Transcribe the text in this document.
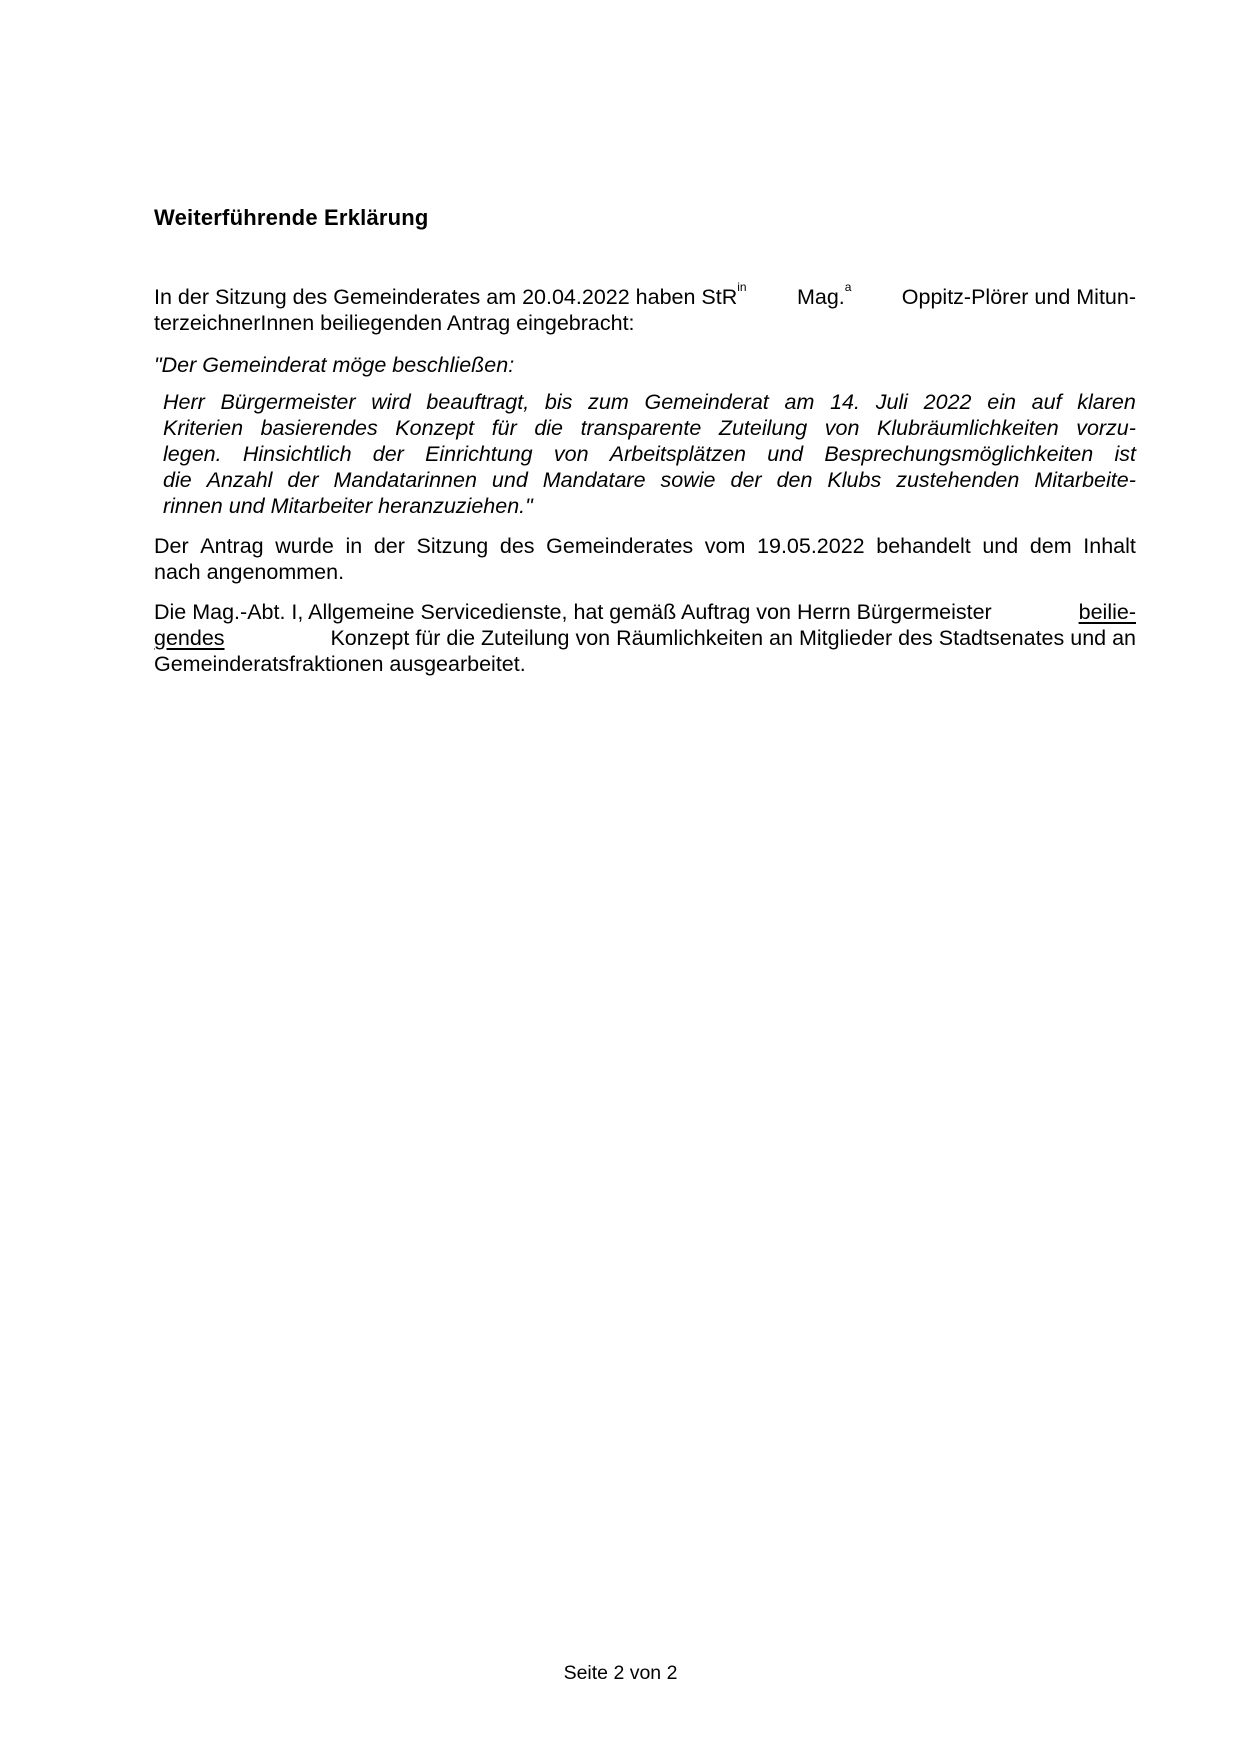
Weiterführende Erklärung
In der Sitzung des Gemeinderates am 20.04.2022 haben StR$^{in}$ Mag.$^a$ Oppitz-Plörer und Mitun-
terzeichnerInnen beiliegenden Antrag eingebracht:
"Der Gemeinderat möge beschließen:
Herr Bürgermeister wird beauftragt, bis zum Gemeinderat am 14. Juli 2022 ein auf klaren
Kriterien basierendes Konzept für die transparente Zuteilung von Klubräumlichkeiten vorzu-
legen. Hinsichtlich der Einrichtung von Arbeitsplätzen und Besprechungsmöglichkeiten ist
die Anzahl der Mandatarinnen und Mandatare sowie der den Klubs zustehenden Mitarbeite-
rinnen und Mitarbeiter heranzuziehen."
Der Antrag wurde in der Sitzung des Gemeinderates vom 19.05.2022 behandelt und dem Inhalt
nach angenommen.
Die Mag.-Abt. I, Allgemeine Servicedienste, hat gemäß Auftrag von Herrn Bürgermeister	beilie-
gendes	Konzept für die Zuteilung von Räumlichkeiten an Mitglieder des Stadtsenates und an
Gemeinderatsfraktionen ausgearbeitet.
Seite 2 von 2
